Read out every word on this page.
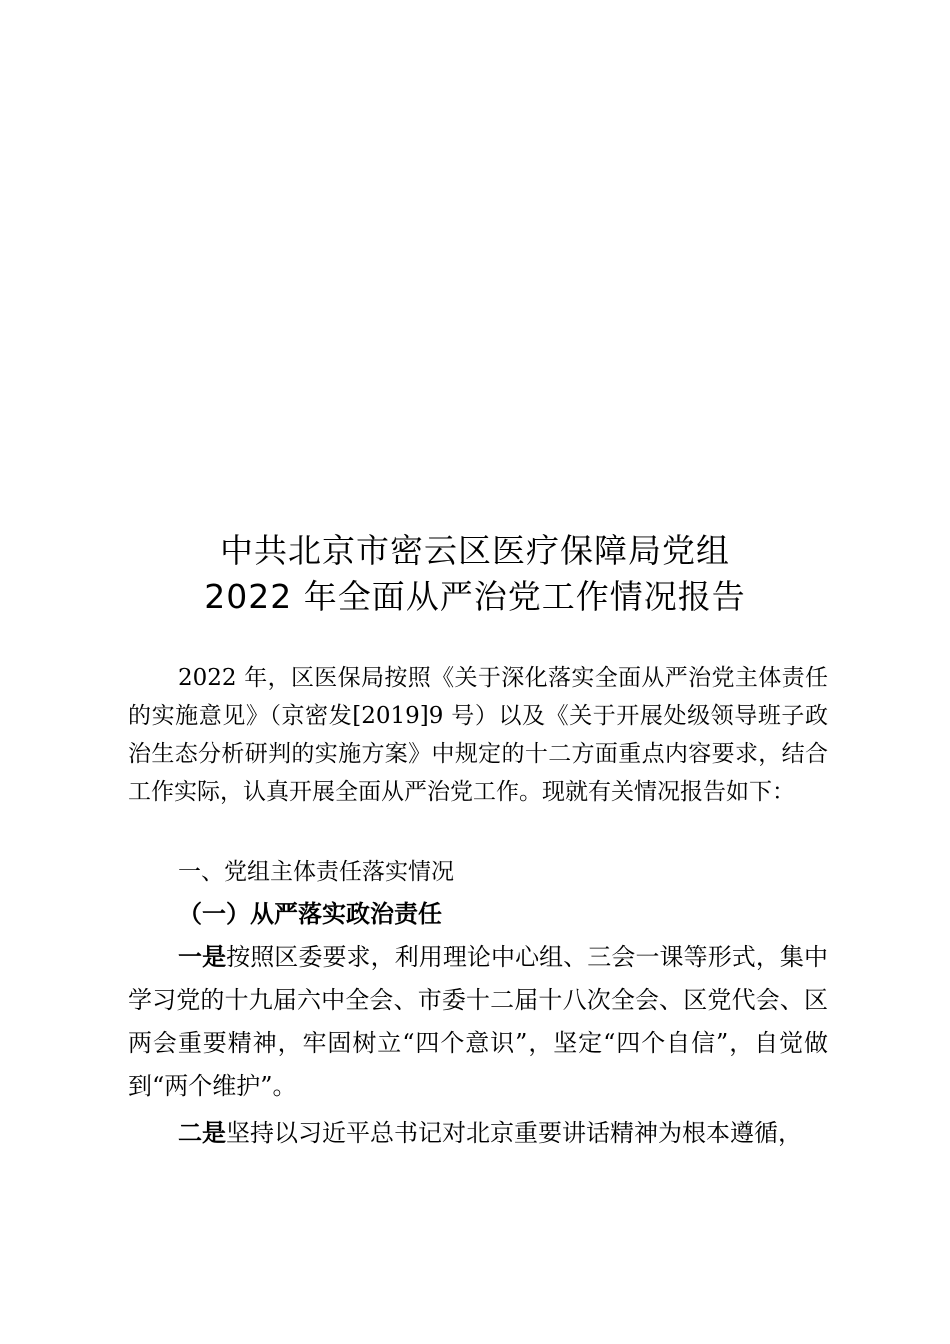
中共北京市密云区医疗保障局党组
2022 年全面从严治党工作情况报告

2022 年，区医保局按照《关于深化落实全面从严治党主体责任的实施意见》（京密发[2019]9 号）以及《关于开展处级领导班子政治生态分析研判的实施方案》中规定的十二方面重点内容要求，结合工作实际，认真开展全面从严治党工作。现就有关情况报告如下：

一、党组主体责任落实情况
（一）从严落实政治责任

一是按照区委要求，利用理论中心组、三会一课等形式，集中学习党的十九届六中全会、市委十二届十八次全会、区党代会、区两会重要精神，牢固树立“四个意识”，坚定“四个自信”，自觉做到“两个维护”。

二是坚持以习近平总书记对北京重要讲话精神为根本遵循，
